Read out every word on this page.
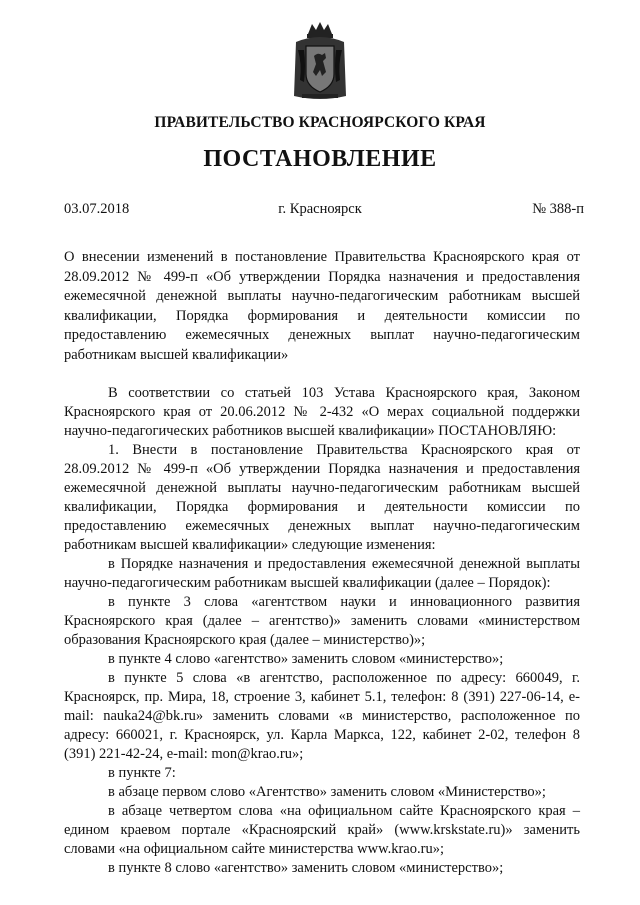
ПРАВИТЕЛЬСТВО КРАСНОЯРСКОГО КРАЯ
ПОСТАНОВЛЕНИЕ
03.07.2018	г. Красноярск	№ 388-п

О внесении изменений в постановление Правительства Красноярского края от 28.09.2012 № 499-п «Об утверждении Порядка назначения и предоставления ежемесячной денежной выплаты научно-педагогическим работникам высшей квалификации, Порядка формирования и деятельности комиссии по предоставлению ежемесячных денежных выплат научно-педагогическим работникам высшей квалификации»

В соответствии со статьей 103 Устава Красноярского края, Законом Красноярского края от 20.06.2012 № 2-432 «О мерах социальной поддержки научно-педагогических работников высшей квалификации» ПОСТАНОВЛЯЮ:

1. Внести в постановление Правительства Красноярского края от 28.09.2012 № 499-п «Об утверждении Порядка назначения и предоставления ежемесячной денежной выплаты научно-педагогическим работникам высшей квалификации, Порядка формирования и деятельности комиссии по предоставлению ежемесячных денежных выплат научно-педагогическим работникам высшей квалификации» следующие изменения:

в Порядке назначения и предоставления ежемесячной денежной выплаты научно-педагогическим работникам высшей квалификации (далее – Порядок):

в пункте 3 слова «агентством науки и инновационного развития Красноярского края (далее – агентство)» заменить словами «министерством образования Красноярского края (далее – министерство)»;

в пункте 4 слово «агентство» заменить словом «министерство»;

в пункте 5 слова «в агентство, расположенное по адресу: 660049, г. Красноярск, пр. Мира, 18, строение 3, кабинет 5.1, телефон: 8 (391) 227-06-14, e-mail: nauka24@bk.ru» заменить словами «в министерство, расположенное по адресу: 660021, г. Красноярск, ул. Карла Маркса, 122, кабинет 2-02, телефон 8 (391) 221-42-24, e-mail: mon@krao.ru»;

в пункте 7:

в абзаце первом слово «Агентство» заменить словом «Министерство»;

в абзаце четвертом слова «на официальном сайте Красноярского края – едином краевом портале «Красноярский край» (www.krskstate.ru)» заменить словами «на официальном сайте министерства www.krao.ru»;

в пункте 8 слово «агентство» заменить словом «министерство»;
